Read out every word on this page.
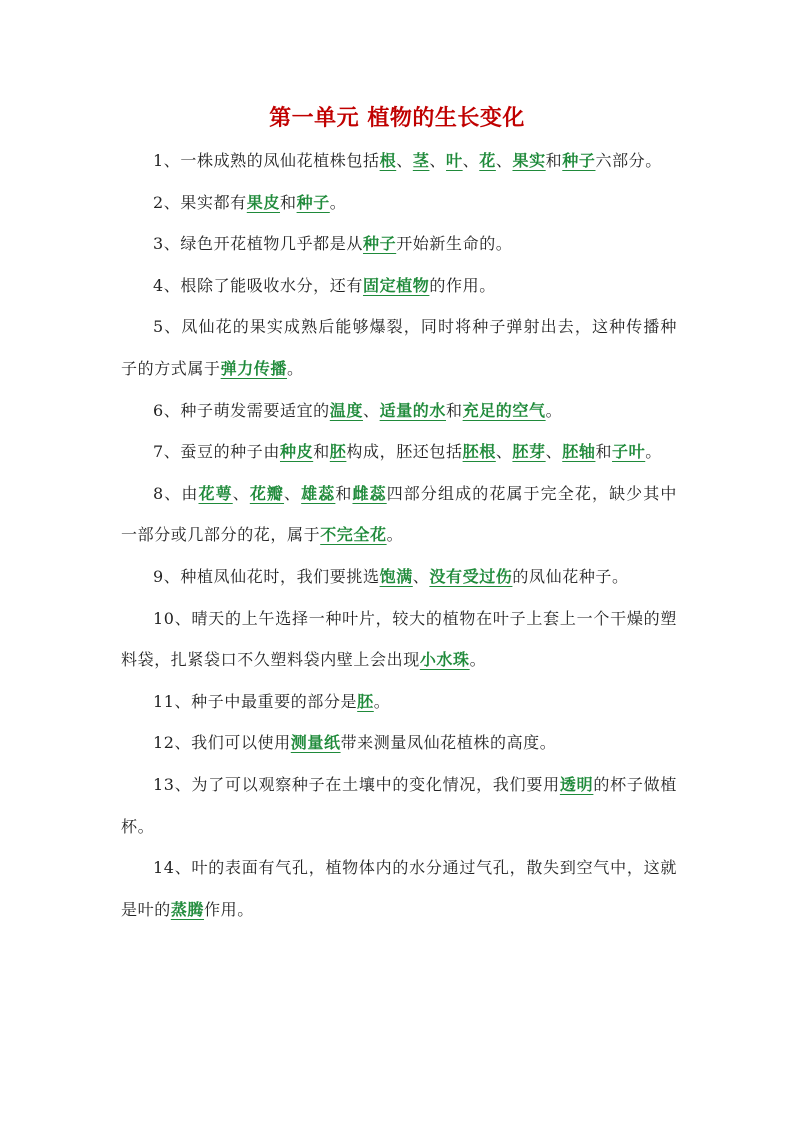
第一单元 植物的生长变化

1、一株成熟的凤仙花植株包括根、茎、叶、花、果实和种子六部分。

2、果实都有果皮和种子。

3、绿色开花植物几乎都是从种子开始新生命的。

4、根除了能吸收水分，还有固定植物的作用。

5、凤仙花的果实成熟后能够爆裂，同时将种子弹射出去，这种传播种子的方式属于弹力传播。

6、种子萌发需要适宜的温度、适量的水和充足的空气。

7、蚕豆的种子由种皮和胚构成，胚还包括胚根、胚芽、胚轴和子叶。

8、由花萼、花瓣、雄蕊和雌蕊四部分组成的花属于完全花，缺少其中一部分或几部分的花，属于不完全花。

9、种植凤仙花时，我们要挑选饱满、没有受过伤的凤仙花种子。

10、晴天的上午选择一种叶片，较大的植物在叶子上套上一个干燥的塑料袋，扎紧袋口不久塑料袋内壁上会出现小水珠。

11、种子中最重要的部分是胚。

12、我们可以使用测量纸带来测量凤仙花植株的高度。

13、为了可以观察种子在土壤中的变化情况，我们要用透明的杯子做植杯。

14、叶的表面有气孔，植物体内的水分通过气孔，散失到空气中，这就是叶的蒸腾作用。
